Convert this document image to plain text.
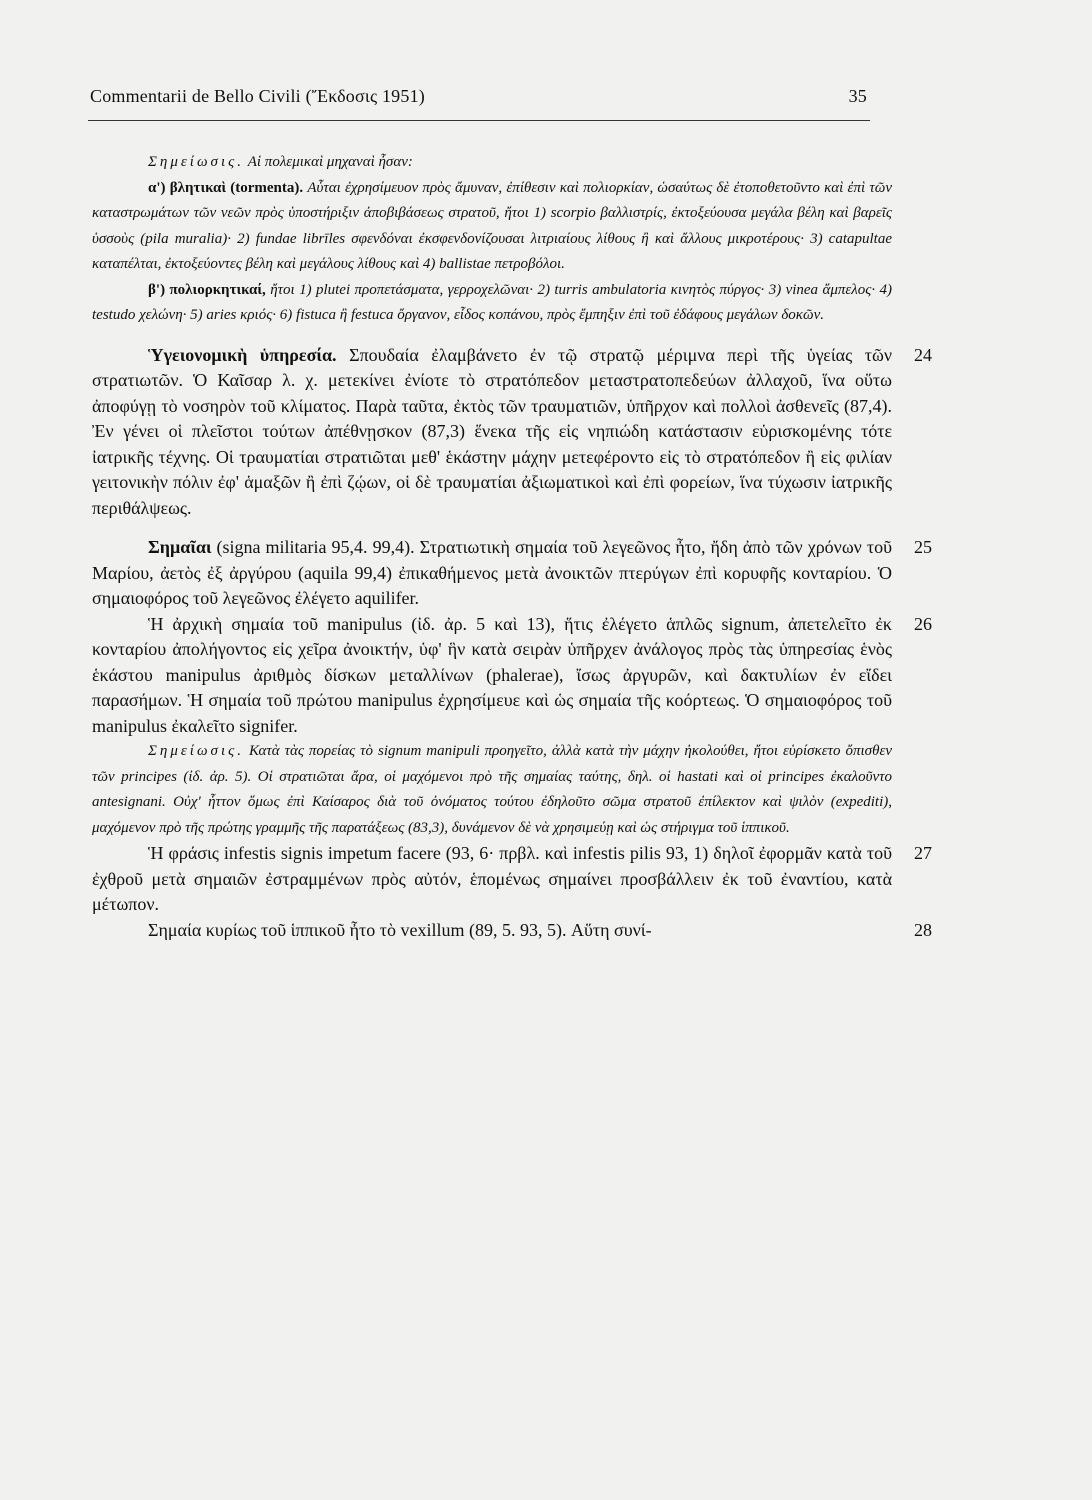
Commentarii de Bello Civili (Ἔκδοσις 1951)	35

Σημείωσις. Αἱ πολεμικαὶ μηχαναὶ ἦσαν:

α') βλητικαὶ (tormenta). Αὗται ἐχρησίμευον πρὸς ἄμυναν, ἐπίθεσιν καὶ πολιορκίαν, ὡσαύτως δὲ ἐτοποθετοῦντο καὶ ἐπὶ τῶν καταστρωμάτων τῶν νεῶν πρὸς ὑποστήριξιν ἀποβιβάσεως στρατοῦ, ἤτοι 1) scorpio βαλλιστρίς, ἐκτοξεύουσα μεγάλα βέλη καὶ βαρεῖς ὑσσοὺς (pila muralia)· 2) fundae librīles σφενδόναι ἐκσφενδονίζουσαι λιτριαίους λίθους ἢ καὶ ἄλλους μικροτέρους· 3) catapultae καταπέλται, ἐκτοξεύοντες βέλη καὶ μεγάλους λίθους καὶ 4) ballistae πετροβόλοι.

β') πολιορκητικαί, ἤτοι 1) plutei προπετάσματα, γερροχελῶναι· 2) turris ambulatoria κινητὸς πύργος· 3) vinea ἄμπελος· 4) testudo χελώνη· 5) aries κριός· 6) fistuca ἢ festuca ὄργανον, εἶδος κοπάνου, πρὸς ἔμπηξιν ἐπὶ τοῦ ἐδάφους μεγάλων δοκῶν.

24
Ὑγειονομικὴ ὑπηρεσία. Σπουδαία ἐλαμβάνετο ἐν τῷ στρατῷ μέριμνα περὶ τῆς ὑγείας τῶν στρατιωτῶν. Ὁ Καῖσαρ λ. χ. μετεκίνει ἐνίοτε τὸ στρατόπεδον μεταστρατοπεδεύων ἀλλαχοῦ, ἵνα οὕτω ἀποφύγῃ τὸ νοσηρὸν τοῦ κλίματος. Παρὰ ταῦτα, ἐκτὸς τῶν τραυματιῶν, ὑπῆρχον καὶ πολλοὶ ἀσθενεῖς (87,4). Ἐν γένει οἱ πλεῖστοι τούτων ἀπέθνῃσκον (87,3) ἕνεκα τῆς εἰς νηπιώδη κατάστασιν εὑρισκομένης τότε ἰατρικῆς τέχνης. Οἱ τραυματίαι στρατιῶται μεθ' ἑκάστην μάχην μετεφέροντο εἰς τὸ στρατόπεδον ἢ εἰς φιλίαν γειτονικὴν πόλιν ἐφ' ἁμαξῶν ἢ ἐπὶ ζῴων, οἱ δὲ τραυματίαι ἀξιωματικοὶ καὶ ἐπὶ φορείων, ἵνα τύχωσιν ἰατρικῆς περιθάλψεως.

25
Σημαῖαι (signa militaria 95,4. 99,4). Στρατιωτικὴ σημαία τοῦ λεγεῶνος ἦτο, ἤδη ἀπὸ τῶν χρόνων τοῦ Μαρίου, ἀετὸς ἐξ ἀργύρου (aquila 99,4) ἐπικαθήμενος μετὰ ἀνοικτῶν πτερύγων ἐπὶ κορυφῆς κονταρίου. Ὁ σημαιοφόρος τοῦ λεγεῶνος ἐλέγετο aquilifer.

26
Ἡ ἀρχικὴ σημαία τοῦ manipulus (ἰδ. ἀρ. 5 καὶ 13), ἥτις ἐλέγετο ἁπλῶς signum, ἀπετελεῖτο ἐκ κονταρίου ἀπολήγοντος εἰς χεῖρα ἀνοικτήν, ὑφ' ἣν κατὰ σειρὰν ὑπῆρχεν ἀνάλογος πρὸς τὰς ὑπηρεσίας ἑνὸς ἑκάστου manipulus ἀριθμὸς δίσκων μεταλλίνων (phalerae), ἴσως ἀργυρῶν, καὶ δακτυλίων ἐν εἴδει παρασήμων. Ἡ σημαία τοῦ πρώτου manipulus ἐχρησίμευε καὶ ὡς σημαία τῆς κοόρτεως. Ὁ σημαιοφόρος τοῦ manipulus ἐκαλεῖτο signifer.

Σημείωσις. Κατὰ τὰς πορείας τὸ signum manipuli προηγεῖτο, ἀλλὰ κατὰ τὴν μάχην ἠκολούθει, ἤτοι εὑρίσκετο ὄπισθεν τῶν principes (ἰδ. ἀρ. 5). Οἱ στρατιῶται ἄρα, οἱ μαχόμενοι πρὸ τῆς σημαίας ταύτης, δηλ. οἱ hastati καὶ οἱ principes ἐκαλοῦντο antesignani. Οὐχ' ἧττον ὅμως ἐπὶ Καίσαρος διὰ τοῦ ὀνόματος τούτου ἐδηλοῦτο σῶμα στρατοῦ ἐπίλεκτον καὶ ψιλὸν (expediti), μαχόμενον πρὸ τῆς πρώτης γραμμῆς τῆς παρατάξεως (83,3), δυνάμενον δὲ νὰ χρησιμεύῃ καὶ ὡς στήριγμα τοῦ ἱππικοῦ.

27
Ἡ φράσις infestis signis impetum facere (93, 6· πρβλ. καὶ infestis pilis 93, 1) δηλοῖ ἐφορμᾶν κατὰ τοῦ ἐχθροῦ μετὰ σημαιῶν ἐστραμμένων πρὸς αὐτόν, ἑπομένως σημαίνει προσβάλλειν ἐκ τοῦ ἐναντίου, κατὰ μέτωπον.

28
Σημαία κυρίως τοῦ ἱππικοῦ ἦτο τὸ vexillum (89, 5. 93, 5). Αὕτη συνί-
